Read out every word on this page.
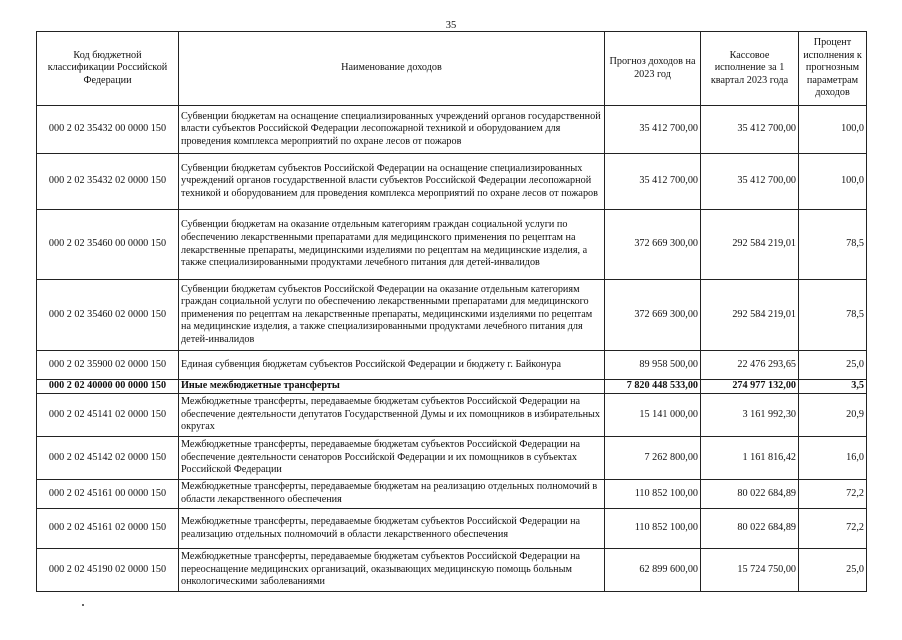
35
Код бюджетной классификации Российской Федерации	Наименование доходов	Прогноз доходов на 2023 год	Кассовое исполнение за 1 квартал 2023 года	Процент исполнения к прогнозным параметрам доходов
000 2 02 35432 00 0000 150	Субвенции бюджетам на оснащение специализированных учреждений органов государственной власти субъектов Российской Федерации лесопожарной техникой и оборудованием для проведения комплекса мероприятий по охране лесов от пожаров	35 412 700,00	35 412 700,00	100,0
000 2 02 35432 02 0000 150	Субвенции бюджетам субъектов Российской Федерации на оснащение специализированных учреждений органов государственной власти субъектов Российской Федерации лесопожарной техникой и оборудованием для проведения комплекса мероприятий по охране лесов от пожаров	35 412 700,00	35 412 700,00	100,0
000 2 02 35460 00 0000 150	Субвенции бюджетам на оказание отдельным категориям граждан социальной услуги по обеспечению лекарственными препаратами для медицинского применения по рецептам на лекарственные препараты, медицинскими изделиями по рецептам на медицинские изделия, а также специализированными продуктами лечебного питания для детей-инвалидов	372 669 300,00	292 584 219,01	78,5
000 2 02 35460 02 0000 150	Субвенции бюджетам субъектов Российской Федерации на оказание отдельным категориям граждан социальной услуги по обеспечению лекарственными препаратами для медицинского применения по рецептам на лекарственные препараты, медицинскими изделиями по рецептам на медицинские изделия, а также специализированными продуктами лечебного питания для детей-инвалидов	372 669 300,00	292 584 219,01	78,5
000 2 02 35900 02 0000 150	Единая субвенция бюджетам субъектов Российской Федерации и бюджету г. Байконура	89 958 500,00	22 476 293,65	25,0
000 2 02 40000 00 0000 150	Иные межбюджетные трансферты	7 820 448 533,00	274 977 132,00	3,5
000 2 02 45141 02 0000 150	Межбюджетные трансферты, передаваемые бюджетам субъектов Российской Федерации на обеспечение деятельности депутатов Государственной Думы и их помощников в избирательных округах	15 141 000,00	3 161 992,30	20,9
000 2 02 45142 02 0000 150	Межбюджетные трансферты, передаваемые бюджетам субъектов Российской Федерации на обеспечение деятельности сенаторов Российской Федерации и их помощников в субъектах Российской Федерации	7 262 800,00	1 161 816,42	16,0
000 2 02 45161 00 0000 150	Межбюджетные трансферты, передаваемые бюджетам на реализацию отдельных полномочий в области лекарственного обеспечения	110 852 100,00	80 022 684,89	72,2
000 2 02 45161 02 0000 150	Межбюджетные трансферты, передаваемые бюджетам субъектов Российской Федерации на реализацию отдельных полномочий в области лекарственного обеспечения	110 852 100,00	80 022 684,89	72,2
000 2 02 45190 02 0000 150	Межбюджетные трансферты, передаваемые бюджетам субъектов Российской Федерации на переоснащение медицинских организаций, оказывающих медицинскую помощь больным онкологическими заболеваниями	62 899 600,00	15 724 750,00	25,0
